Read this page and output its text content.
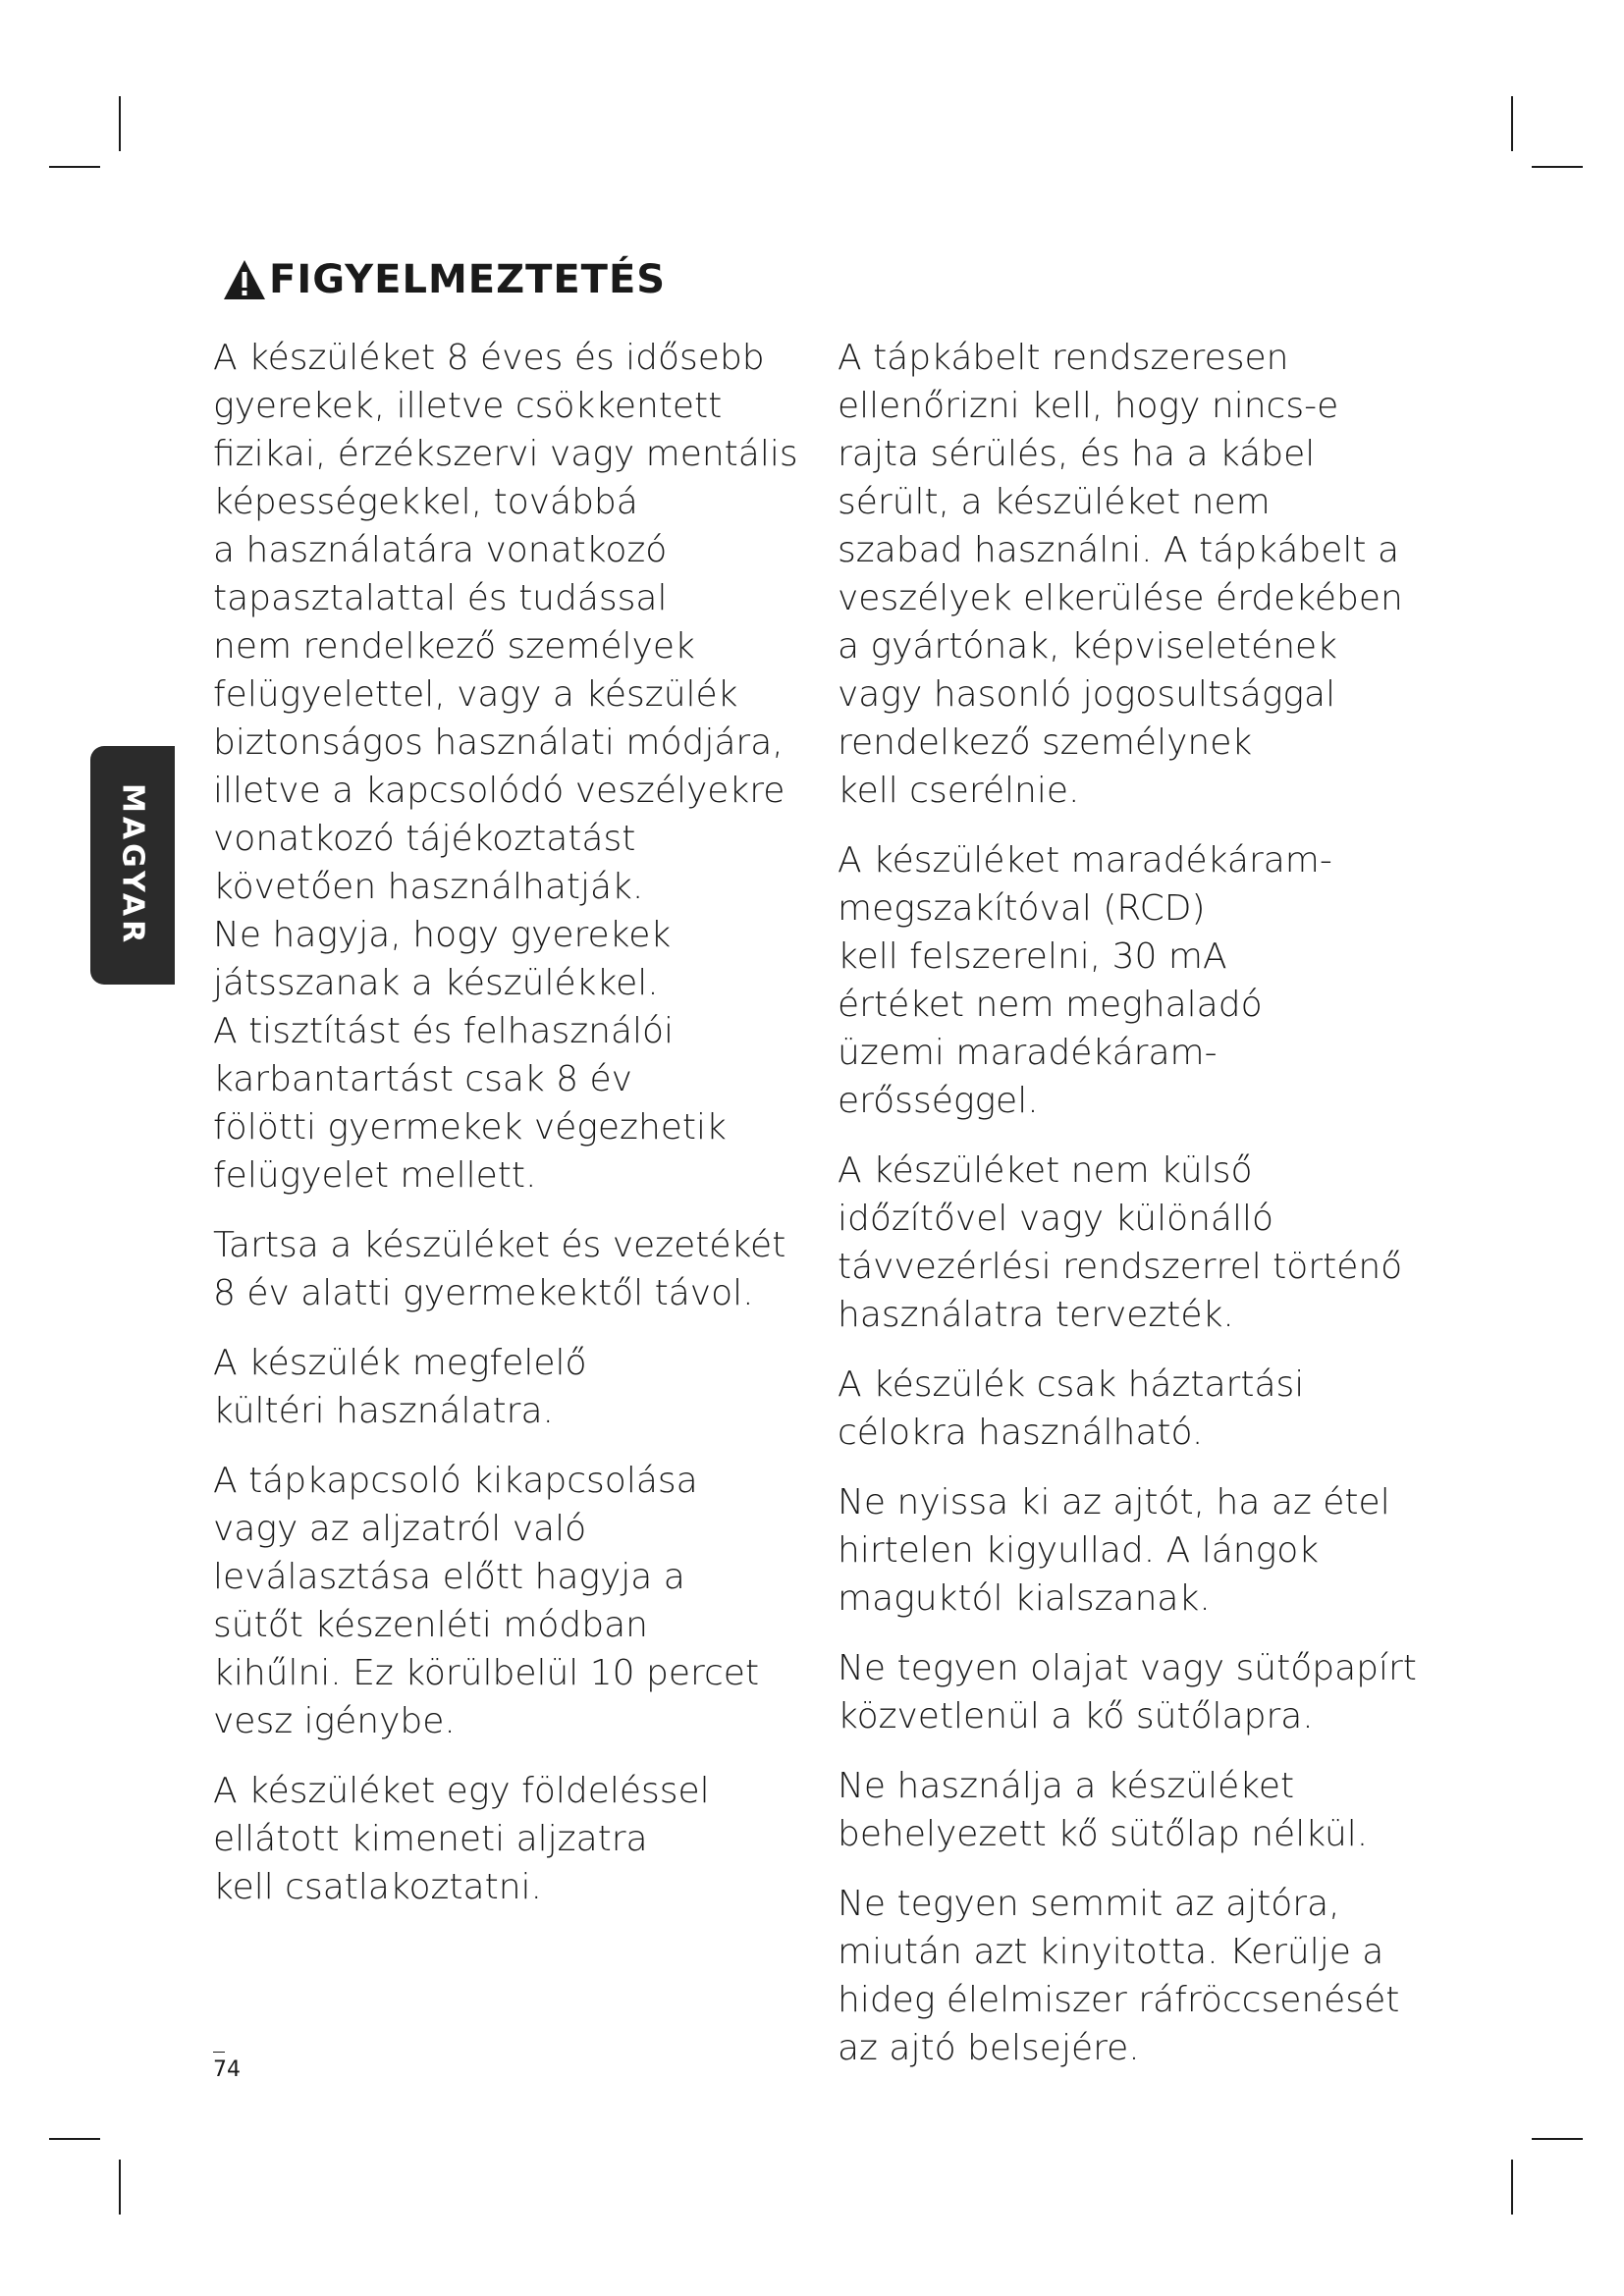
FIGYELMEZTETÉS
MAGYAR

A készüléket 8 éves és idősebb
gyerekek, illetve csökkentett
fizikai, érzékszervi vagy mentális
képességekkel, továbbá
a használatára vonatkozó
tapasztalattal és tudással
nem rendelkező személyek
felügyelettel, vagy a készülék
biztonságos használati módjára,
illetve a kapcsolódó veszélyekre
vonatkozó tájékoztatást
követően használhatják.
Ne hagyja, hogy gyerekek
játsszanak a készülékkel.
A tisztítást és felhasználói
karbantartást csak 8 év
fölötti gyermekek végezhetik
felügyelet mellett.

Tartsa a készüléket és vezetékét
8 év alatti gyermekektől távol.

A készülék megfelelő
kültéri használatra.

A tápkapcsoló kikapcsolása
vagy az aljzatról való
leválasztása előtt hagyja a
sütőt készenléti módban
kihűlni. Ez körülbelül 10 percet
vesz igénybe.

A készüléket egy földeléssel
ellátott kimeneti aljzatra
kell csatlakoztatni.

A tápkábelt rendszeresen
ellenőrizni kell, hogy nincs-e
rajta sérülés, és ha a kábel
sérült, a készüléket nem
szabad használni. A tápkábelt a
veszélyek elkerülése érdekében
a gyártónak, képviseletének
vagy hasonló jogosultsággal
rendelkező személynek
kell cserélnie.

A készüléket maradékáram-
megszakítóval (RCD)
kell felszerelni, 30 mA
értéket nem meghaladó
üzemi maradékáram-
erősséggel.

A készüléket nem külső
időzítővel vagy különálló
távvezérlési rendszerrel történő
használatra tervezték.

A készülék csak háztartási
célokra használható.

Ne nyissa ki az ajtót, ha az étel
hirtelen kigyullad. A lángok
maguktól kialszanak.

Ne tegyen olajat vagy sütőpapírt
közvetlenül a kő sütőlapra.

Ne használja a készüléket
behelyezett kő sütőlap nélkül.

Ne tegyen semmit az ajtóra,
miután azt kinyitotta. Kerülje a
hideg élelmiszer ráfröccsenését
az ajtó belsejére.

74
